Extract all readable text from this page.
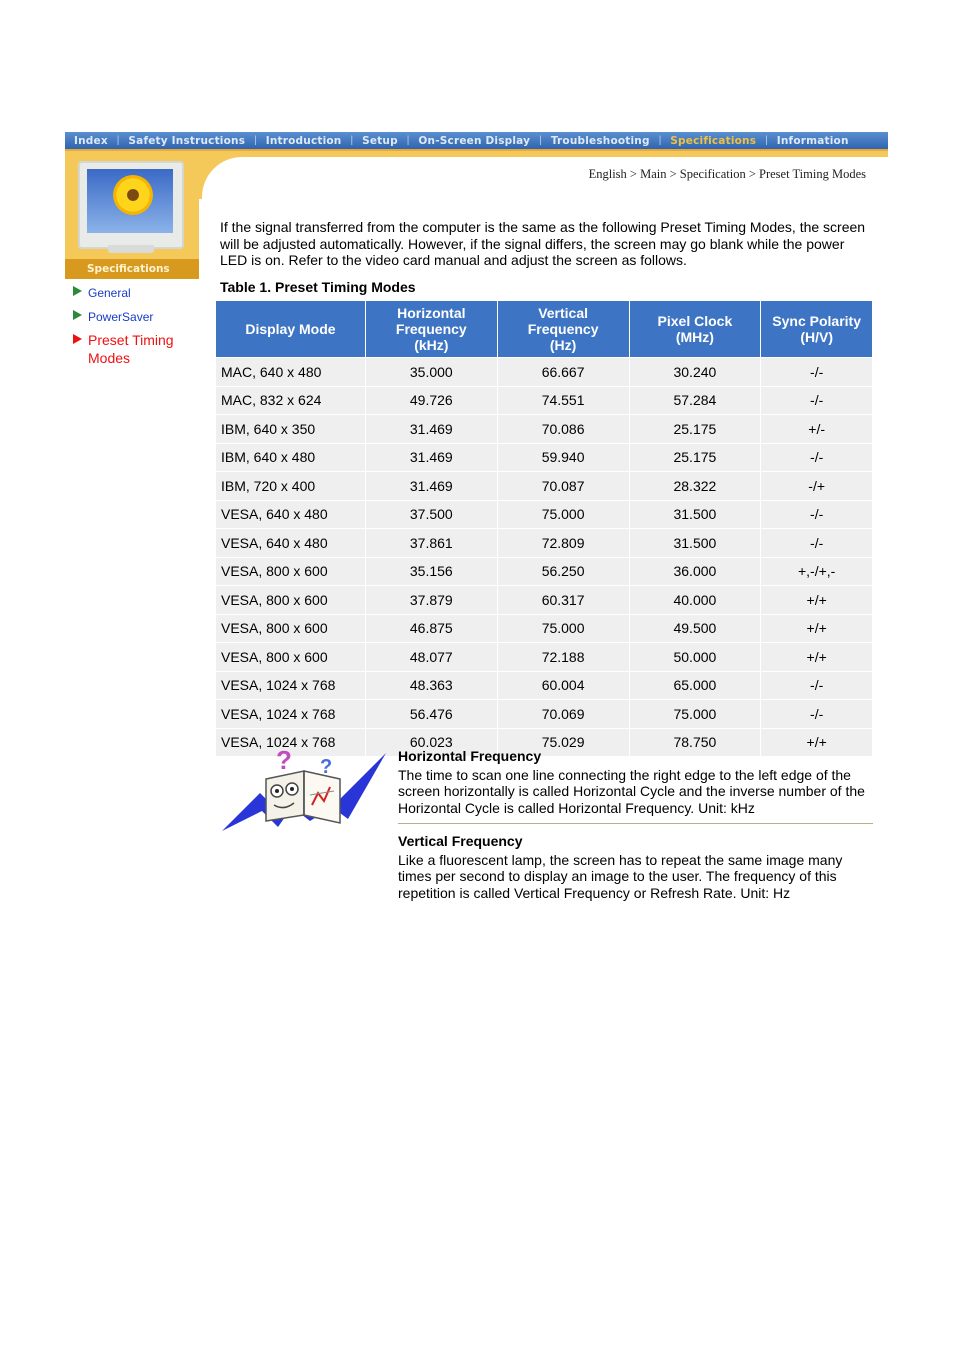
Index | Safety Instructions | Introduction | Setup | On-Screen Display | Troubleshooting | Specifications | Information
Specifications
General
PowerSaver
Preset Timing Modes
English > Main > Specification > Preset Timing Modes

If the signal transferred from the computer is the same as the following Preset Timing Modes, the screen will be adjusted automatically. However, if the signal differs, the screen may go blank while the power LED is on. Refer to the video card manual and adjust the screen as follows.

Table 1. Preset Timing Modes
Display Mode	Horizontal
Frequency
(kHz)	Vertical
Frequency
(Hz)	Pixel Clock
(MHz)	Sync Polarity
(H/V)
MAC, 640 x 480	35.000	66.667	30.240	-/-
MAC, 832 x 624	49.726	74.551	57.284	-/-
IBM, 640 x 350	31.469	70.086	25.175	+/-
IBM, 640 x 480	31.469	59.940	25.175	-/-
IBM, 720 x 400	31.469	70.087	28.322	-/+
VESA, 640 x 480	37.500	75.000	31.500	-/-
VESA, 640 x 480	37.861	72.809	31.500	-/-
VESA, 800 x 600	35.156	56.250	36.000	+,-/+,-
VESA, 800 x 600	37.879	60.317	40.000	+/+
VESA, 800 x 600	46.875	75.000	49.500	+/+
VESA, 800 x 600	48.077	72.188	50.000	+/+
VESA, 1024 x 768	48.363	60.004	65.000	-/-
VESA, 1024 x 768	56.476	70.069	75.000	-/-
VESA, 1024 x 768	60.023	75.029	78.750	+/+
? ?	Horizontal Frequency

The time to scan one line connecting the right edge to the left edge of the screen horizontally is called Horizontal Cycle and the inverse number of the Horizontal Cycle is called Horizontal Frequency. Unit: kHz

Vertical Frequency

Like a fluorescent lamp, the screen has to repeat the same image many times per second to display an image to the user. The frequency of this repetition is called Vertical Frequency or Refresh Rate. Unit: Hz
